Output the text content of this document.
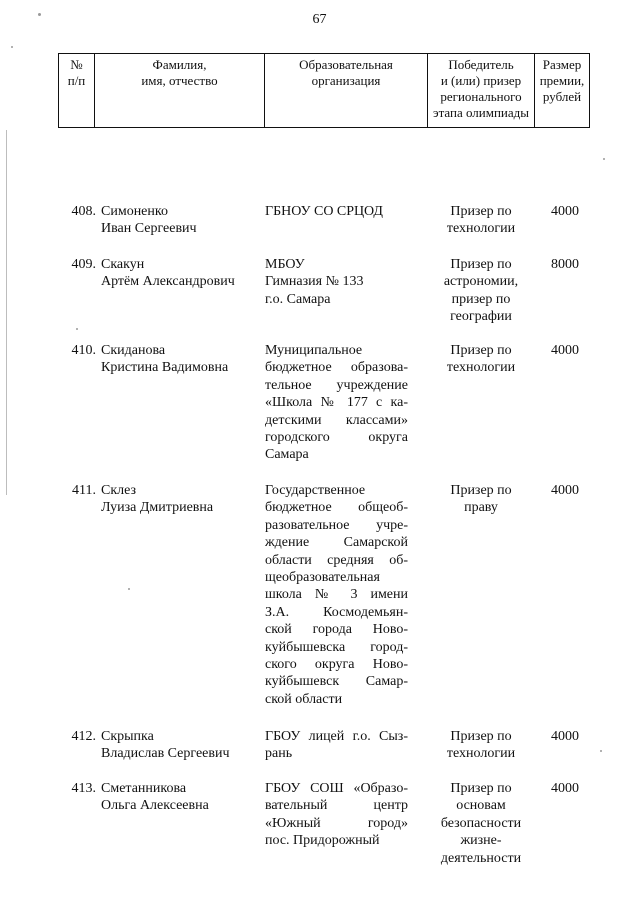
67
№
п/п
Фамилия,
имя, отчество
Образовательная
организация
Победитель
и (или) призер
регионального
этапа олимпиады
Размер
премии,
рублей
408. Симоненко
Иван Сергеевич
ГБНОУ СО СРЦОД	Призер по
технологии
4000
409. Скакун
Артём Александрович
МБОУ
Гимназия № 133
г.о. Самара
Призер по
астрономии,
призер по
географии
8000
410. Скиданова
Кристина Вадимовна
Муниципальное
бюджетное образова-
тельное учреждение
«Школа № 177 с ка-
детскими классами»
городского округа
Самара
Призер по
технологии
4000
411. Склез
Луиза Дмитриевна
Государственное
бюджетное общеоб-
разовательное учре-
ждение Самарской
области средняя об-
щеобразовательная
школа № 3 имени
З.А. Космодемьян-
ской города Ново-
куйбышевска город-
ского округа Ново-
куйбышевск Самар-
ской области
Призер по
праву
4000
412. Скрыпка
Владислав Сергеевич
ГБОУ лицей г.о. Сыз-
рань
Призер по
технологии
4000
413. Сметанникова
Ольга Алексеевна
ГБОУ СОШ «Образо-
вательный центр
«Южный город»
пос. Придорожный
Призер по
основам
безопасности
жизне-
деятельности
4000
